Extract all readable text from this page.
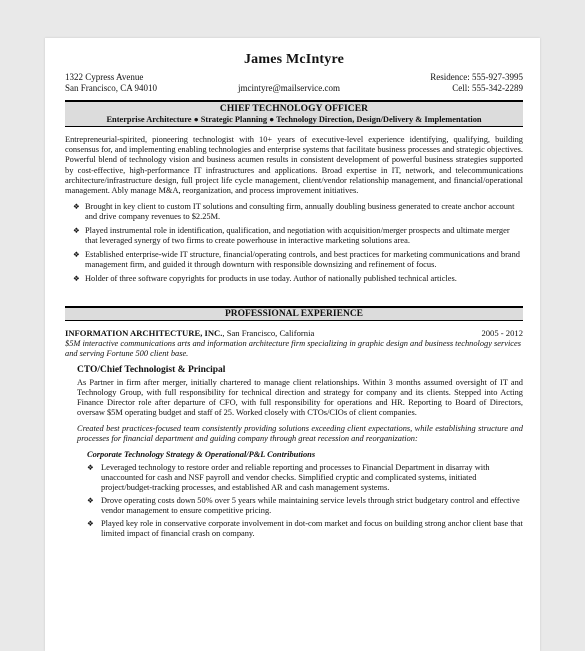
James McIntyre
1322 Cypress Avenue
San Francisco, CA 94010	jmcintyre@mailservice.com
Residence: 555-927-3995
Cell: 555-342-2289
CHIEF TECHNOLOGY OFFICER
Enterprise Architecture ● Strategic Planning ● Technology Direction, Design/Delivery & Implementation

Entrepreneurial-spirited, pioneering technologist with 10+ years of executive-level experience identifying, qualifying, building consensus for, and implementing enabling technologies and enterprise systems that facilitate business processes and strategic objectives. Powerful blend of technology vision and business acumen results in consistent development of powerful business strategies supported by cost-effective, high-performance IT infrastructures and applications. Broad expertise in IT, network, and telecommunications architecture/infrastructure design, full project life cycle management, client/vendor relationship management, and financial/operational management. Ably manage M&A, reorganization, and process improvement initiatives.

❖ Brought in key client to custom IT solutions and consulting firm, annually doubling business generated to create anchor account and drive company revenues to $2.25M.
❖ Played instrumental role in identification, qualification, and negotiation with acquisition/merger prospects and ultimate merger that leveraged synergy of two firms to create powerhouse in interactive marketing solutions area.
❖ Established enterprise-wide IT structure, financial/operating controls, and best practices for marketing communications and brand management firm, and guided it through downturn with responsible downsizing and refinement of focus.
❖ Holder of three software copyrights for products in use today. Author of nationally published technical articles.
PROFESSIONAL EXPERIENCE
INFORMATION ARCHITECTURE, INC., San Francisco, California	2005 - 2012
$5M interactive communications arts and information architecture firm specializing in graphic design and business technology services and serving Fortune 500 client base.
CTO/Chief Technologist & Principal
As Partner in firm after merger, initially chartered to manage client relationships. Within 3 months assumed oversight of IT and Technology Group, with full responsibility for technical direction and strategy for company and its clients. Stepped into Acting Finance Director role after departure of CFO, with full responsibility for operations and HR. Reporting to Board of Directors, oversaw $5M operating budget and staff of 25. Worked closely with CTOs/CIOs of client companies.
Created best practices-focused team consistently providing solutions exceeding client expectations, while establishing structure and processes for financial department and guiding company through great recession and reorganization:
Corporate Technology Strategy & Operational/P&L Contributions
❖ Leveraged technology to restore order and reliable reporting and processes to Financial Department in disarray with unaccounted for cash and NSF payroll and vendor checks. Simplified cryptic and complicated systems, initiated project/budget-tracking processes, and established AR and cash management systems.
❖ Drove operating costs down 50% over 5 years while maintaining service levels through strict budgetary control and effective vendor management to ensure competitive pricing.
❖ Played key role in conservative corporate involvement in dot-com market and focus on building strong anchor client base that limited impact of financial crash on company.
